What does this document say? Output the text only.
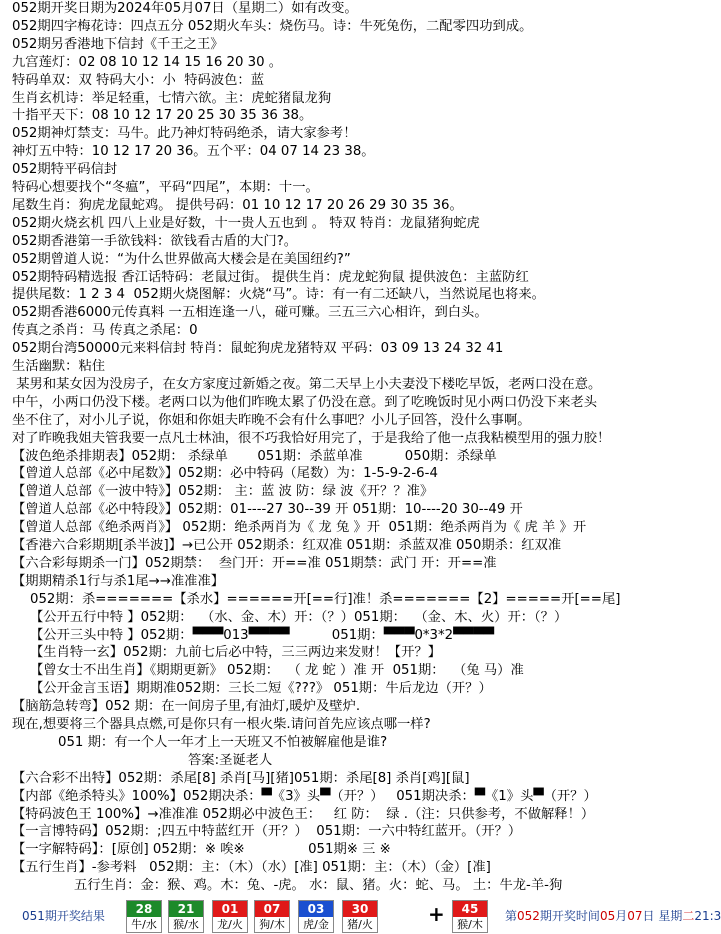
052期开奖日期为2024年05月07日（星期二）如有改变。
052期四字梅花诗：四点五分 052期火车头：烧伤马。诗：牛死兔伤，二配零四功到成。
052期另香港地下信封《千王之王》
九宫莲灯：02 08 10 12 14 15 16 20 30 。
特码单双：双 特码大小：小  特码波色：蓝
生肖玄机诗：举足轻重，七情六欲。主：虎蛇猪鼠龙狗
十指平天下：08 10 12 17 20 25 30 35 36 38。
052期神灯禁支：马牛。此乃神灯特码绝杀，请大家参考！
神灯五中特：10 12 17 20 36。五个平：04 07 14 23 38。
052期特平码信封
特码心想要找个“冬瘟”，平码“四尾”，本期：十一。
尾数生肖：狗虎龙鼠蛇鸡。 提供号码：01 10 12 17 20 26 29 30 35 36。
052期火烧玄机 四八上业是好数，十一贵人五也到 。 特双 特肖：龙鼠猪狗蛇虎
052期香港第一手欲钱料：欲钱看古盾的大门?。
052期曾道人说：“为什么世界做高大楼会是在美国纽约?”
052期特码精选报 香江话特码：老鼠过街。 提供生肖：虎龙蛇狗鼠 提供波色：主蓝防红
提供尾数：1 2 3 4  052期火烧图解：火烧“马”。诗：有一有二还缺八，当然说尾也将来。
052期香港6000元传真料 一五相连逢一八，碰可赚。三五三六心相许，到白头。
传真之杀肖：马 传真之杀尾：0
052期台湾50000元来料信封 特肖：鼠蛇狗虎龙猪特双 平码：03 09 13 24 32 41
生活幽默：粘住
某男和某女因为没房子，在女方家度过新婚之夜。第二天早上小夫妻没下楼吃早饭，老两口没在意。
中午，小两口仍没下楼。老两口以为他们昨晚太累了仍没在意。到了吃晚饭时见小两口仍没下来老头
坐不住了，对小儿子说，你姐和你姐夫昨晚不会有什么事吧？小儿子回答，没什么事啊。
对了昨晚我姐夫管我要一点凡士林油，很不巧我恰好用完了，于是我给了他一点我粘模型用的强力胶！
【波色绝杀排期表】052期： 杀绿单       051期：杀蓝单准          050期：杀绿单
【曾道人总部《必中尾数》】052期：必中特码（尾数）为：1-5-9-2-6-4
【曾道人总部《一波中特》】052期： 主：蓝 波 防：绿 波《开？？准》
【曾道人总部《必中特段》】052期：01----27 30--39 开 051期：10----20 30--49 开
【曾道人总部《绝杀两肖》】 052期：绝杀两肖为《 龙 兔 》开  051期：绝杀两肖为《 虎 羊 》开
【香港六合彩期期[杀半波]】→已公开 052期杀：红双准 051期：杀蓝双准 050期杀：红双准
【六合彩每期杀一门】052期禁：  叁门开：开==准 051期禁：武门 开：开==准
【期期精杀1行与杀1尾→→准准准】
052期：杀=======【杀水】======开[==行]准！杀=======【2】=====开[==尾]
【公开五行中特 】052期：  （水、金、木）开：（？）051期：  （金、木、火）开：（？）
【公开三头中特 】052期：▀▀▀013▀▀▀▀          051期：▀▀▀0*3*2▀▀▀▀
【生肖特一玄】052期：九前七后必中特，三三两边来发财！【开？】
【曾女士不出生肖】《期期更新》 052期：  （ 龙 蛇 ）准 开  051期：  （兔 马）准
【公开金言玉语】期期准052期：三长二短《???》 051期：牛后龙边（开？）
【脑筋急转弯】052 期：在一间房子里,有油灯,暖炉及壁炉.
现在,想要将三个器具点燃,可是你只有一根火柴.请问首先应该点哪一样?
051 期：有一个人一年才上一天班又不怕被解雇他是谁?
答案:圣诞老人
【六合彩不出特】052期：杀尾[8] 杀肖[马][猪]051期：杀尾[8] 杀肖[鸡][鼠]
【内部《绝杀特头》100%】052期决杀：▀《3》头▀（开？）   051期决杀：▀《1》头▀（开？）
【特码波色王 100%】→准准准 052期必中波色王：   红 防：  绿 .（注：只供参考，不做解释！）
【一言博特码】052期：;四五中特蓝红开（开？）  051期：一六中特红蓝开。（开？）
【一字解特码】：[原创] 052期：※ 唉※               051期※ 三 ※
【五行生肖】-参考料   052期：主：（木）（水）[准] 051期：主：（木）（金）[准]
五行生肖：金：猴、鸡。木：兔、-虎。 水：鼠、猪。火：蛇、马。 土：牛龙-羊-狗
051期开奖结果	28
牛/水
21
猴/水
01
龙/火
07
狗/木
03
虎/金
30
猪/火
45
猴/木
+	第052期开奖时间05月07日 星期二21:3
